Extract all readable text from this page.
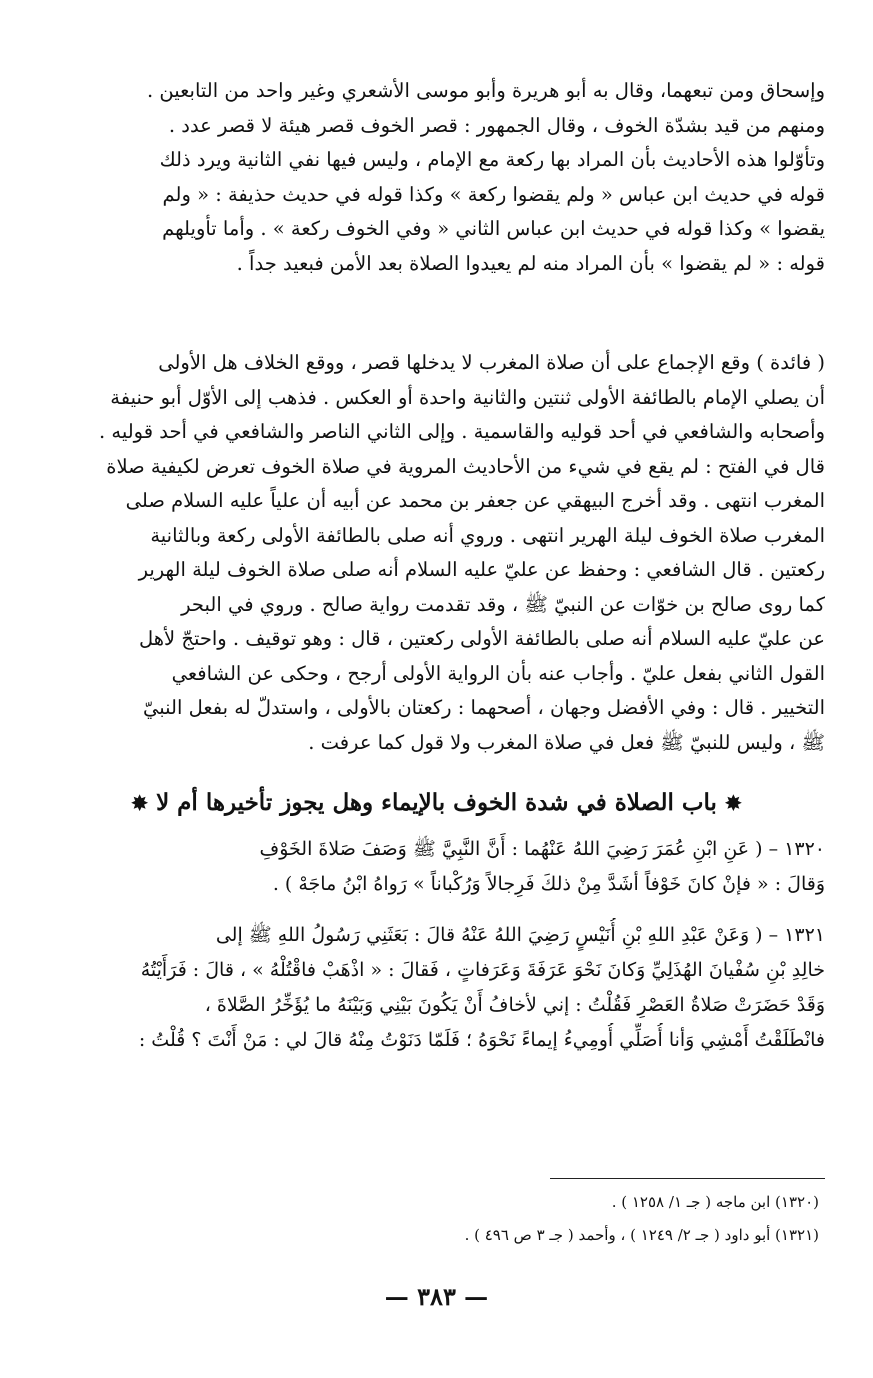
وإسحاق ومن تبعهما، وقال به أبو هريرة وأبو موسى الأشعري وغير واحد من التابعين .
ومنهم من قيد بشدّة الخوف ، وقال الجمهور : قصر الخوف قصر هيئة لا قصر عدد .
وتأوّلوا هذه الأحاديث بأن المراد بها ركعة مع الإمام ، وليس فيها نفي الثانية ويرد ذلك
قوله في حديث ابن عباس « ولم يقضوا ركعة » وكذا قوله في حديث حذيفة : « ولم
يقضوا » وكذا قوله في حديث ابن عباس الثاني « وفي الخوف ركعة » . وأما تأويلهم
قوله : « لم يقضوا » بأن المراد منه لم يعيدوا الصلاة بعد الأمن فبعيد جداً .
( فائدة ) وقع الإجماع على أن صلاة المغرب لا يدخلها قصر ، ووقع الخلاف هل الأولى
أن يصلي الإمام بالطائفة الأولى ثنتين والثانية واحدة أو العكس . فذهب إلى الأوّل أبو حنيفة
وأصحابه والشافعي في أحد قوليه والقاسمية . وإلى الثاني الناصر والشافعي في أحد قوليه .
قال في الفتح : لم يقع في شيء من الأحاديث المروية في صلاة الخوف تعرض لكيفية صلاة
المغرب انتهى . وقد أخرج البيهقي عن جعفر بن محمد عن أبيه أن علياً عليه السلام صلى
المغرب صلاة الخوف ليلة الهرير انتهى . وروي أنه صلى بالطائفة الأولى ركعة وبالثانية
ركعتين . قال الشافعي : وحفظ عن عليّ عليه السلام أنه صلى صلاة الخوف ليلة الهرير
كما روى صالح بن خوّات عن النبيّ ﷺ ، وقد تقدمت رواية صالح . وروي في البحر
عن عليّ عليه السلام أنه صلى بالطائفة الأولى ركعتين ، قال : وهو توقيف . واحتجّ لأهل
القول الثاني بفعل عليّ . وأجاب عنه بأن الرواية الأولى أرجح ، وحكى عن الشافعي
التخيير . قال : وفي الأفضل وجهان ، أصحهما : ركعتان بالأولى ، واستدلّ له بفعل النبيّ
ﷺ ، وليس للنبيّ ﷺ فعل في صلاة المغرب ولا قول كما عرفت .
✸ باب الصلاة في شدة الخوف بالإيماء وهل يجوز تأخيرها أم لا ✸
١٣٢٠ – ( عَنِ ابْنِ عُمَرَ رَضِيَ اللهُ عَنْهُما : أَنَّ النَّبِيَّ ﷺ وَصَفَ صَلاةَ الخَوْفِ
وَقالَ : « فإنْ كانَ خَوْفاً أشَدَّ مِنْ ذلكَ فَرِجالاً وَرُكْباناً » رَواهُ ابْنُ ماجَهْ ) .
١٣٢١ – ( وَعَنْ عَبْدِ اللهِ بْنِ أُنَيْسٍ رَضِيَ اللهُ عَنْهُ قالَ : بَعَثَنِي رَسُولُ اللهِ ﷺ إلى
خالِدِ بْنِ سُفْيانَ الهُذَلِيِّ وَكانَ نَحْوَ عَرَفَةَ وَعَرَفاتٍ ، فَقالَ : « اذْهَبْ فاقْتُلْهُ » ، قالَ : فَرَأَيْتُهُ
وَقَدْ حَضَرَتْ صَلاةُ العَصْرِ فَقُلْتُ : إني لأخافُ أَنْ يَكُونَ بَيْنِي وَبَيْنَهُ ما يُؤَخِّرُ الصَّلاةَ ،
فانْطَلَقْتُ أَمْشِي وَأنا أُصَلِّي أُومِيءُ إيماءً نَحْوَهُ ؛ فَلَمّا دَنَوْتُ مِنْهُ قالَ لي : مَنْ أَنْتَ ؟ قُلْتُ :
(١٣٢٠) ابن ماجه ( جـ ١/ ١٢٥٨ ) .
(١٣٢١) أبو داود ( جـ ٢/ ١٢٤٩ ) ، وأحمد ( جـ ٣ ص ٤٩٦ ) .
— ٣٨٣ —
